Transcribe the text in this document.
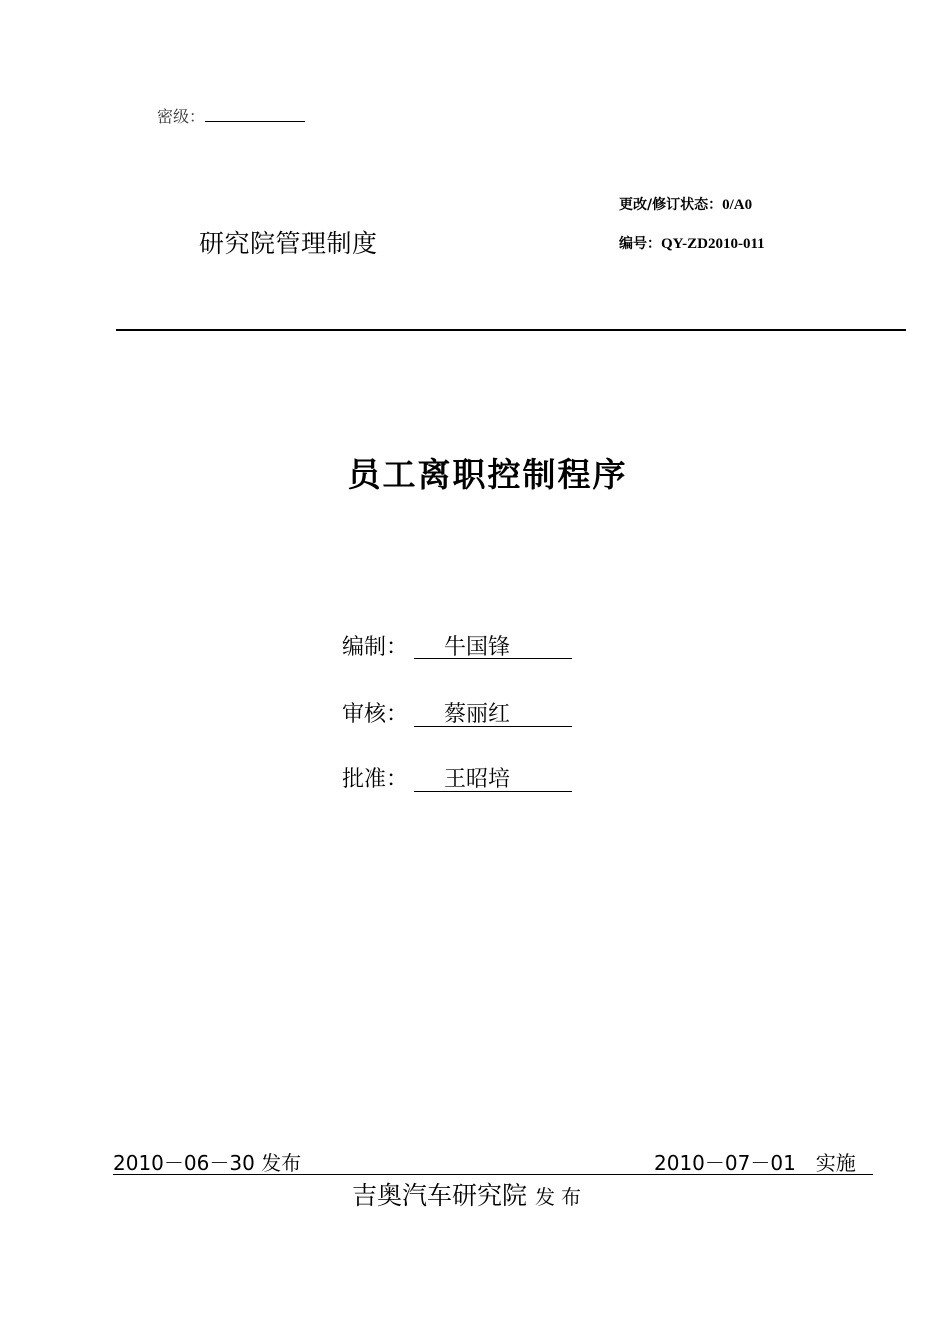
密级：
研究院管理制度
更改/修订状态：0/A0
编号：QY-ZD2010-011
员工离职控制程序
编制： 牛国锋
审核： 蔡丽红
批准： 王昭培
2010－06－30 发布	2010－07－01　实施
吉奥汽车研究院 发布
